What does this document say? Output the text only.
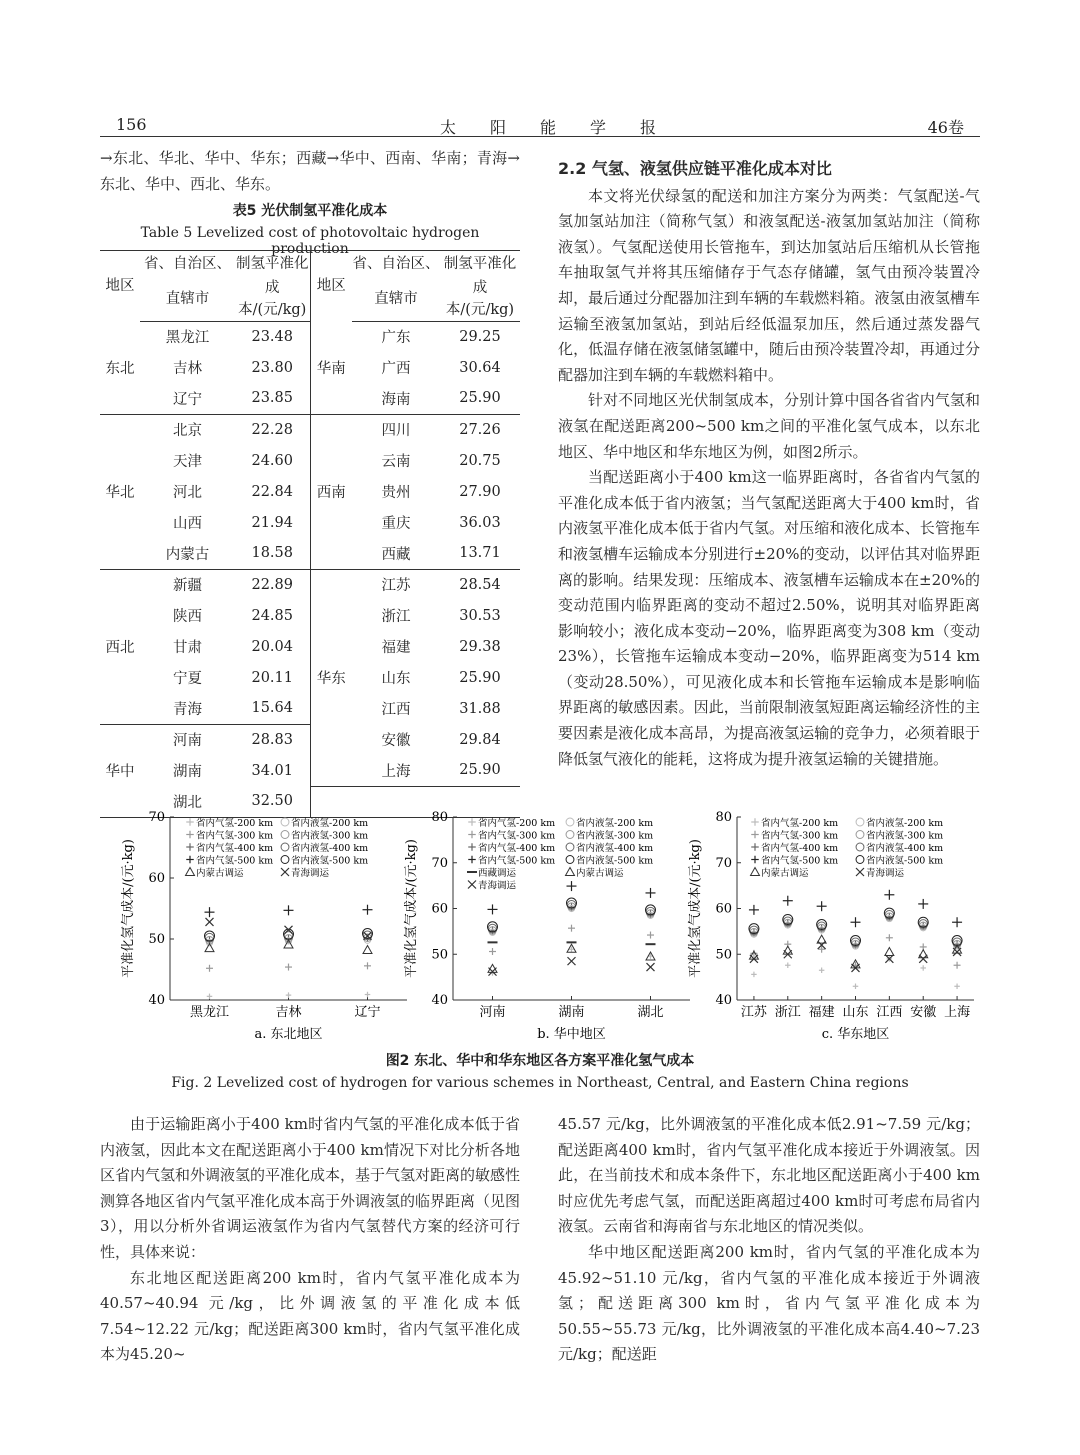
156	太阳能学报	46卷

→东北、华北、华中、华东；西藏→华中、西南、华南；青海→东北、华中、西北、华东。

表5 光伏制氢平准化成本
Table 5 Levelized cost of photovoltaic hydrogen production
地区	省、自治区、	制氢平准化	地区	省、自治区、	制氢平准化
	直辖市	成本/(元/kg)		直辖市	成本/(元/kg)
东北	黑龙江	23.48	华南	广东	29.25
	吉林	23.80		广西	30.64
	辽宁	23.85		海南	25.90
华北	北京	22.28	西南	四川	27.26
	天津	24.60		云南	20.75
	河北	22.84		贵州	27.90
	山西	21.94		重庆	36.03
	内蒙古	18.58		西藏	13.71
西北	新疆	22.89	华东	江苏	28.54
	陕西	24.85		浙江	30.53
	甘肃	20.04		福建	29.38
	宁夏	20.11		山东	25.90
	青海	15.64		江西	31.88
华中	河南	28.83		安徽	29.84
	湖南	34.01		上海	25.90
	湖北	32.50			
2.2 气氢、液氢供应链平准化成本对比

本文将光伏绿氢的配送和加注方案分为两类：气氢配送-气氢加氢站加注（简称气氢）和液氢配送-液氢加氢站加注（简称液氢）。气氢配送使用长管拖车，到达加氢站后压缩机从长管拖车抽取氢气并将其压缩储存于气态存储罐，氢气由预冷装置冷却，最后通过分配器加注到车辆的车载燃料箱。液氢由液氢槽车运输至液氢加氢站，到站后经低温泵加压，然后通过蒸发器气化，低温存储在液氢储氢罐中，随后由预冷装置冷却，再通过分配器加注到车辆的车载燃料箱中。

针对不同地区光伏制氢成本，分别计算中国各省省内气氢和液氢在配送距离200~500 km之间的平准化氢气成本，以东北地区、华中地区和华东地区为例，如图2所示。

当配送距离小于400 km这一临界距离时，各省省内气氢的平准化成本低于省内液氢；当气氢配送距离大于400 km时，省内液氢平准化成本低于省内气氢。对压缩和液化成本、长管拖车和液氢槽车运输成本分别进行±20%的变动，以评估其对临界距离的影响。结果发现：压缩成本、液氢槽车运输成本在±20%的变动范围内临界距离的变动不超过2.50%，说明其对临界距离影响较小；液化成本变动−20%，临界距离变为308 km（变动23%），长管拖车运输成本变动−20%，临界距离变为514 km（变动28.50%），可见液化成本和长管拖车运输成本是影响临界距离的敏感因素。因此，当前限制液氢短距离运输经济性的主要因素是液化成本高昂，为提高液氢运输的竞争力，必须着眼于降低氢气液化的能耗，这将成为提升液氢运输的关键措施。

40
50
60
70
平准化氢气成本/(元·kg)
黑龙江	吉林	辽宁
省内气氢-200 km 省内液氢-200 km
省内气氢-300 km 省内液氢-300 km
省内气氢-400 km 省内液氢-400 km
省内气氢-500 km 省内液氢-500 km
内蒙古调运	青海调运
a. 东北地区
40
50
60
70
80
平准化氢气成本/(元·kg)
河南	湖南	湖北
省内气氢-200 km 省内液氢-200 km
省内气氢-300 km 省内液氢-300 km
省内气氢-400 km 省内液氢-400 km
省内气氢-500 km 省内液氢-500 km
西藏调运	内蒙古调运
青海调运
b. 华中地区
40
50
60
70
80
平准化氢气成本/(元·kg)
江苏 浙江 福建 山东 江西 安徽 上海
省内气氢-200 km	省内液氢-200 km
省内气氢-300 km	省内液氢-300 km
省内气氢-400 km	省内液氢-400 km
省内气氢-500 km	省内液氢-500 km
内蒙古调运	青海调运
c. 华东地区
图2 东北、华中和华东地区各方案平准化氢气成本
Fig. 2 Levelized cost of hydrogen for various schemes in Northeast, Central, and Eastern China regions

由于运输距离小于400 km时省内气氢的平准化成本低于省内液氢，因此本文在配送距离小于400 km情况下对比分析各地区省内气氢和外调液氢的平准化成本，基于气氢对距离的敏感性测算各地区省内气氢平准化成本高于外调液氢的临界距离（见图3），用以分析外省调运液氢作为省内气氢替代方案的经济可行性，具体来说：

东北地区配送距离200 km时，省内气氢平准化成本为40.57~40.94 元/kg，比外调液氢的平准化成本低7.54~12.22 元/kg；配送距离300 km时，省内气氢平准化成本为45.20~

45.57 元/kg，比外调液氢的平准化成本低2.91~7.59 元/kg；配送距离400 km时，省内气氢平准化成本接近于外调液氢。因此，在当前技术和成本条件下，东北地区配送距离小于400 km时应优先考虑气氢，而配送距离超过400 km时可考虑布局省内液氢。云南省和海南省与东北地区的情况类似。

华中地区配送距离200 km时，省内气氢的平准化成本为45.92~51.10 元/kg，省内气氢的平准化成本接近于外调液氢；配送距离300 km时，省内气氢平准化成本为50.55~55.73 元/kg，比外调液氢的平准化成本高4.40~7.23 元/kg；配送距
